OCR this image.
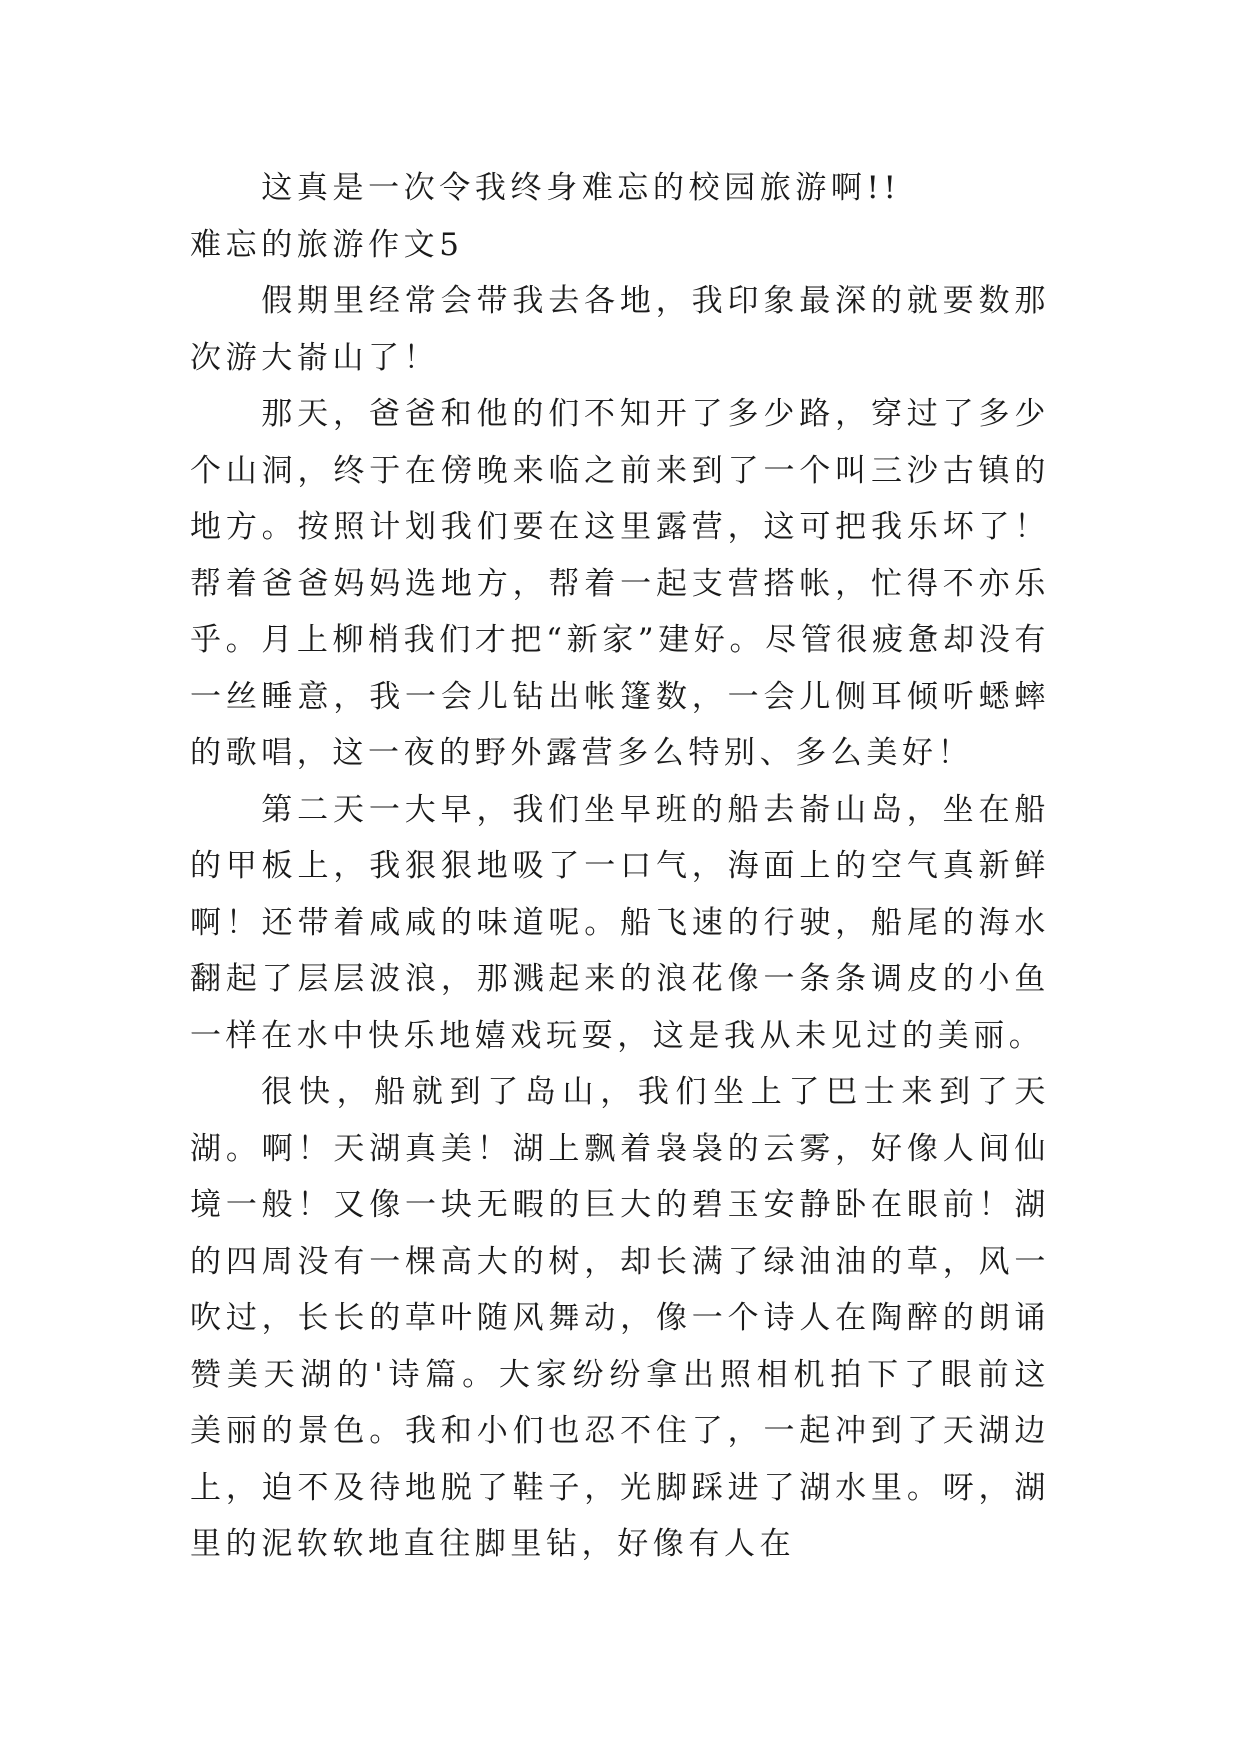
这真是一次令我终身难忘的校园旅游啊!!

难忘的旅游作文5

假期里经常会带我去各地，我印象最深的就要数那次游大嵛山了！

那天，爸爸和他的们不知开了多少路，穿过了多少个山洞，终于在傍晚来临之前来到了一个叫三沙古镇的地方。按照计划我们要在这里露营，这可把我乐坏了！帮着爸爸妈妈选地方，帮着一起支营搭帐，忙得不亦乐乎。月上柳梢我们才把“新家”建好。尽管很疲惫却没有一丝睡意，我一会儿钻出帐篷数，一会儿侧耳倾听蟋蟀的歌唱，这一夜的野外露营多么特别、多么美好！

第二天一大早，我们坐早班的船去嵛山岛，坐在船的甲板上，我狠狠地吸了一口气，海面上的空气真新鲜啊！还带着咸咸的味道呢。船飞速的行驶，船尾的海水翻起了层层波浪，那溅起来的浪花像一条条调皮的小鱼一样在水中快乐地嬉戏玩耍，这是我从未见过的美丽。

很快，船就到了岛山，我们坐上了巴士来到了天湖。啊！天湖真美！湖上飘着袅袅的云雾，好像人间仙境一般！又像一块无暇的巨大的碧玉安静卧在眼前！湖的四周没有一棵高大的树，却长满了绿油油的草，风一吹过，长长的草叶随风舞动，像一个诗人在陶醉的朗诵赞美天湖的'诗篇。大家纷纷拿出照相机拍下了眼前这美丽的景色。我和小们也忍不住了，一起冲到了天湖边上，迫不及待地脱了鞋子，光脚踩进了湖水里。呀，湖里的泥软软地直往脚里钻，好像有人在
